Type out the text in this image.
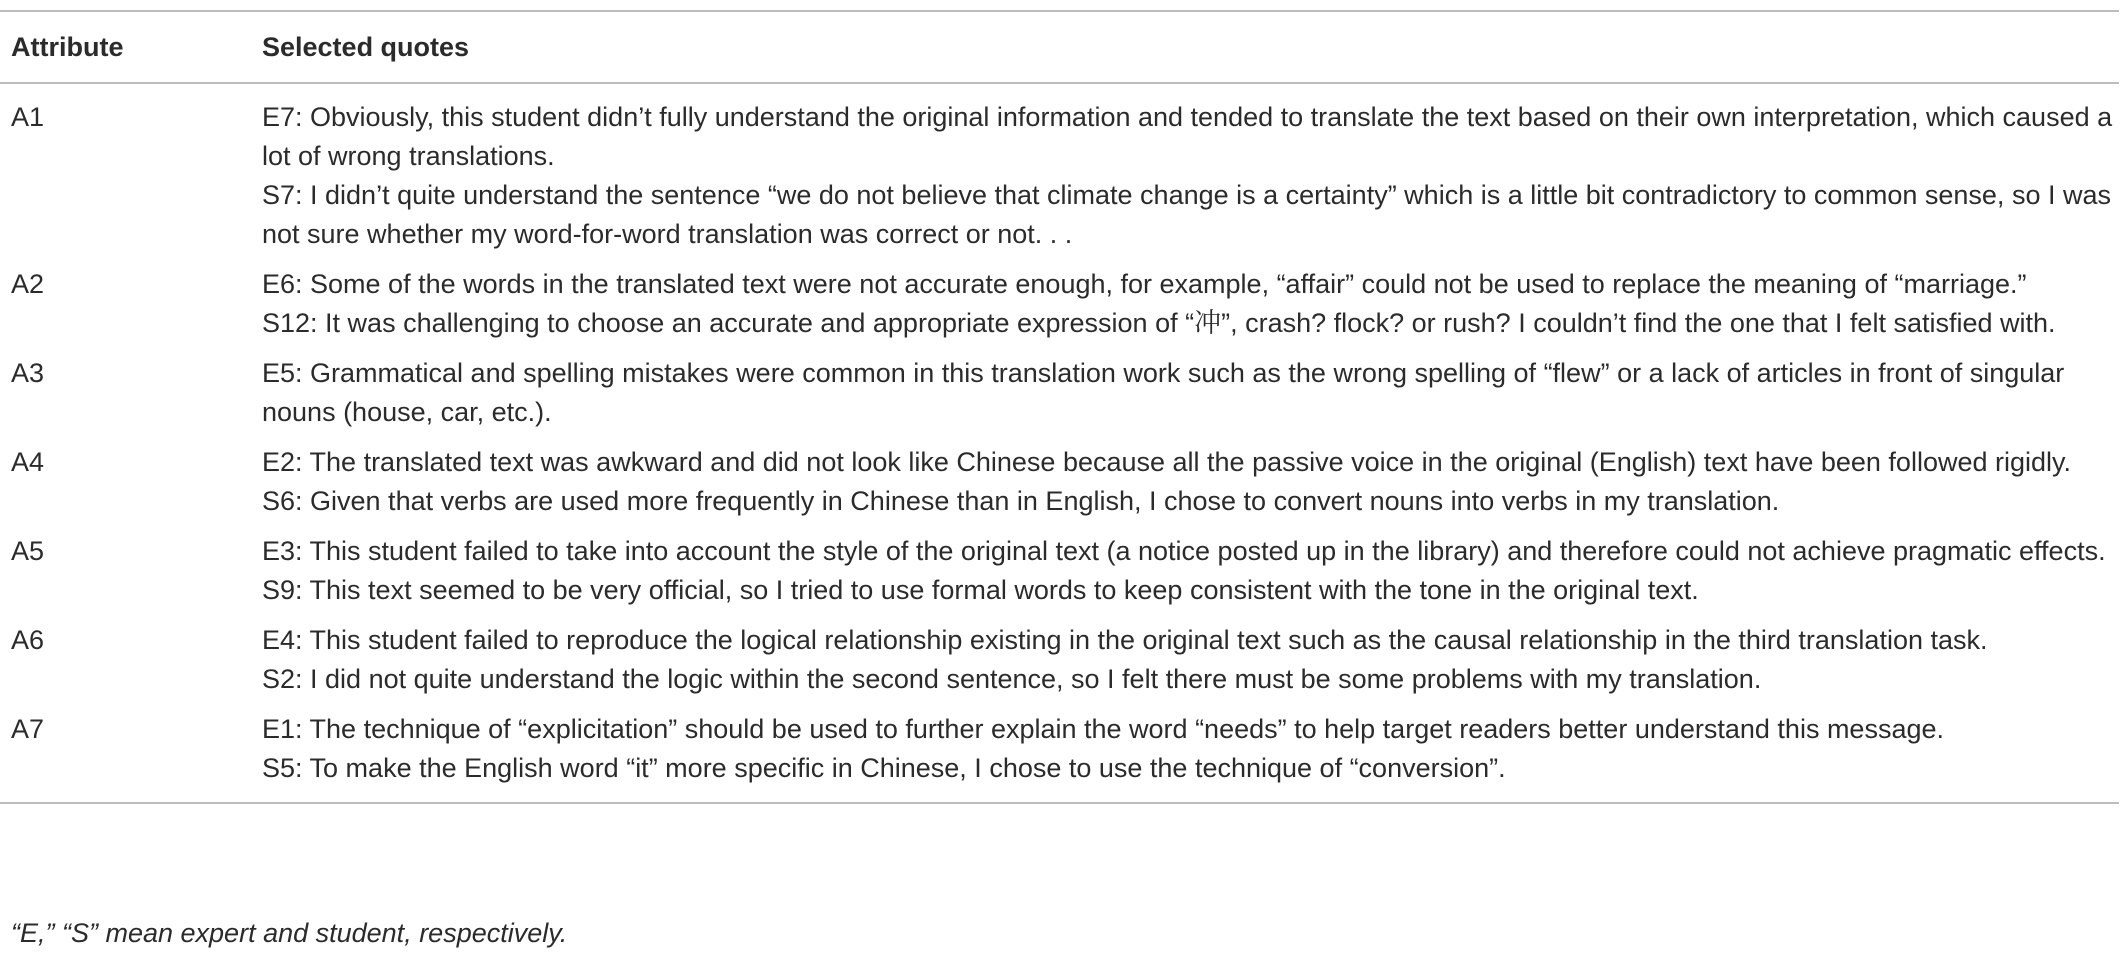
Attribute	Selected quotes
A1	E7: Obviously, this student didn’t fully understand the original information and tended to translate the text based on their own interpretation, which caused a lot of wrong translations.

S7: I didn’t quite understand the sentence “we do not believe that climate change is a certainty” which is a little bit contradictory to common sense, so I was not sure whether my word-for-word translation was correct or not. . .

A2	E6: Some of the words in the translated text were not accurate enough, for example, “affair” could not be used to replace the meaning of “marriage.”

S12: It was challenging to choose an accurate and appropriate expression of “冲”, crash? flock? or rush? I couldn’t find the one that I felt satisfied with.

A3	E5: Grammatical and spelling mistakes were common in this translation work such as the wrong spelling of “flew” or a lack of articles in front of singular nouns (house, car, etc.).

A4	E2: The translated text was awkward and did not look like Chinese because all the passive voice in the original (English) text have been followed rigidly.

S6: Given that verbs are used more frequently in Chinese than in English, I chose to convert nouns into verbs in my translation.

A5	E3: This student failed to take into account the style of the original text (a notice posted up in the library) and therefore could not achieve pragmatic effects.

S9: This text seemed to be very official, so I tried to use formal words to keep consistent with the tone in the original text.

A6	E4: This student failed to reproduce the logical relationship existing in the original text such as the causal relationship in the third translation task.

S2: I did not quite understand the logic within the second sentence, so I felt there must be some problems with my translation.

A7	E1: The technique of “explicitation” should be used to further explain the word “needs” to help target readers better understand this message.

S5: To make the English word “it” more specific in Chinese, I chose to use the technique of “conversion”.

“E,” “S” mean expert and student, respectively.
